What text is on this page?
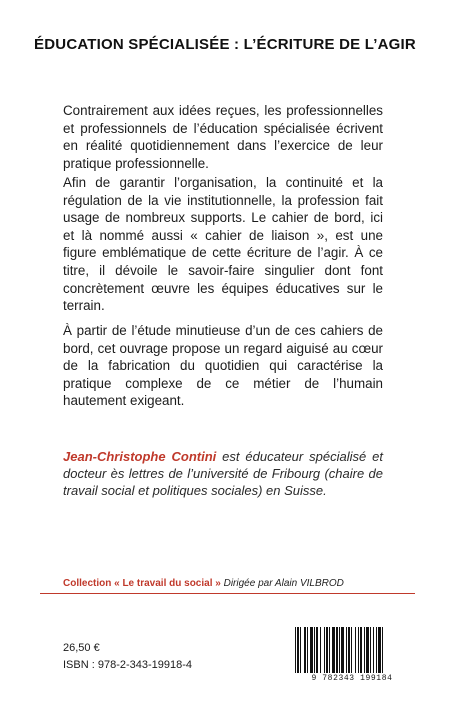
ÉDUCATION SPÉCIALISÉE : L’ÉCRITURE DE L’AGIR

Contrairement aux idées reçues, les professionnelles et professionnels de l’éducation spécialisée écrivent en réalité quotidiennement dans l’exercice de leur pratique professionnelle.

Afin de garantir l’organisation, la continuité et la régulation de la vie institutionnelle, la profession fait usage de nombreux supports. Le cahier de bord, ici et là nommé aussi « cahier de liaison », est une figure emblématique de cette écriture de l’agir. À ce titre, il dévoile le savoir-faire singulier dont font concrètement œuvre les équipes éducatives sur le terrain.

À partir de l’étude minutieuse d’un de ces cahiers de bord, cet ouvrage propose un regard aiguisé au cœur de la fabrication du quotidien qui caractérise la pratique complexe de ce métier de l’humain hautement exigeant.

Jean-Christophe Contini est éducateur spécialisé et docteur ès lettres de l’université de Fribourg (chaire de travail social et politiques sociales) en Suisse.
Collection « Le travail du social » Dirigée par Alain VILBROD
26,50 €
ISBN : 978-2-343-19918-4
9 782343 199184
